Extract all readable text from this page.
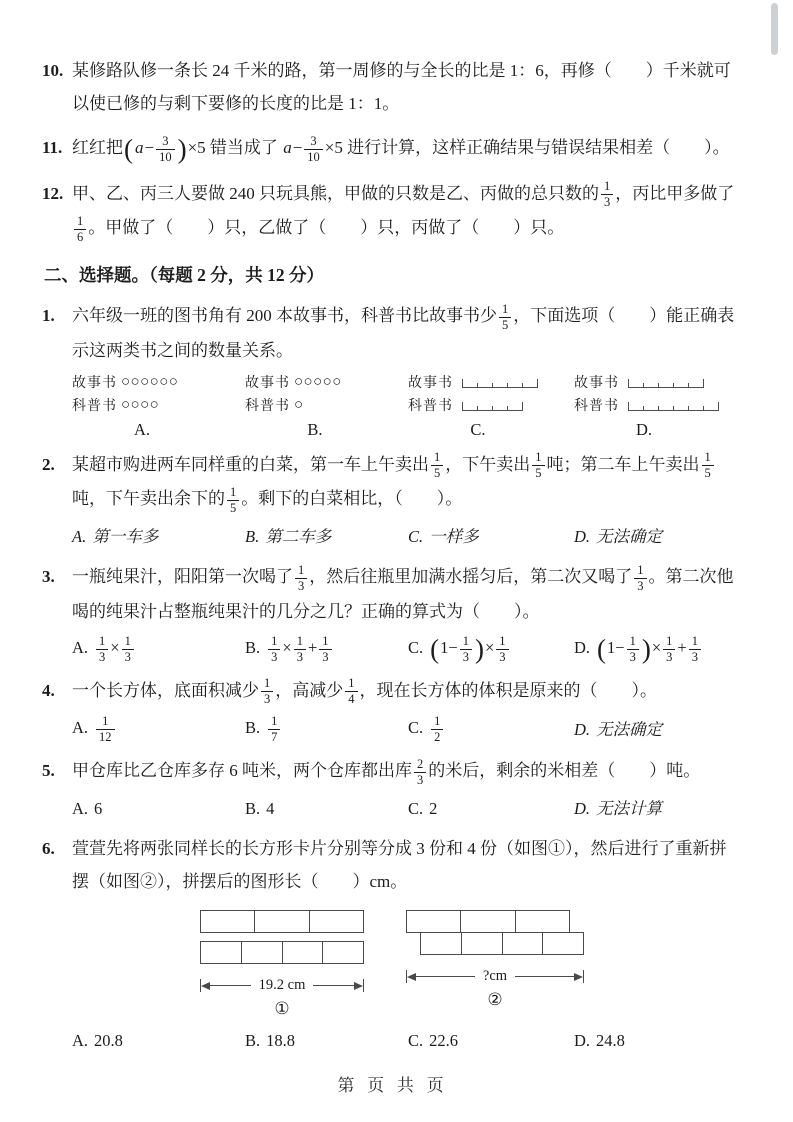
10. 某修路队修一条长 24 千米的路，第一周修的与全长的比是 1：6，再修（　　）千米就可以使已修的与剩下要修的长度的比是 1：1。
11. 红红把( $a- \frac{3}{10} )\times 5$ 错当成了 $a- \frac{3}{10} \times 5$ 进行计算，这样正确结果与错误结果相差（　　）。
12. 甲、乙、丙三人要做 240 只玩具熊，甲做的只数是乙、丙做的总只数的 $\frac{1}{3}$ ，丙比甲多做了
$\frac{1}{6}$ 。甲做了（　　）只，乙做了（　　）只，丙做了（　　）只。
二、选择题。（每题 2 分，共 12 分）
1.	六年级一班的图书角有 200 本故事书，科普书比故事书少 $\frac{1}{5}$ ，下面选项（　　）能正确表示这两类书之间的数量关系。
故事书 ○○○○○○
科普书 ○○○○
A.
故事书 ○○○○○
科普书 ○
B.
故事书
科普书
C.
故事书
科普书
D.
2.	某超市购进两车同样重的白菜，第一车上午卖出 $\frac{1}{5}$ ，下午卖出 $\frac{1}{5}$ 吨；第二车上午卖出 $\frac{1}{5}$
吨，下午卖出余下的 $\frac{1}{5}$ 。剩下的白菜相比，（　　）。
A. 第一车多	B. 第二车多	C. 一样多	D. 无法确定
3.	一瓶纯果汁，阳阳第一次喝了 $\frac{1}{3}$ ，然后往瓶里加满水摇匀后，第二次又喝了 $\frac{1}{3}$ 。第二次他喝的纯果汁占整瓶纯果汁的几分之几？正确的算式为（　　）。
A. $\frac{1}{3} \times \frac{1}{3}$	B. $\frac{1}{3} \times \frac{1}{3} + \frac{1}{3}$	C. ($1- \frac{1}{3}$ )× $\frac{1}{3}$	D. ($1- \frac{1}{3}$ )× $\frac{1}{3} + \frac{1}{3}$
4.	一个长方体，底面积减少 $\frac{1}{3}$ ，高减少 $\frac{1}{4}$ ，现在长方体的体积是原来的（　　）。
A. $\frac{1}{12}$	B. $\frac{1}{7}$	C. $\frac{1}{2}$	D. 无法确定
5.	甲仓库比乙仓库多存 6 吨米，两个仓库都出库 $\frac{2}{3}$ 的米后，剩余的米相差（　　）吨。
A. 6	B. 4	C. 2	D. 无法计算
6.	萱萱先将两张同样长的长方形卡片分别等分成 3 份和 4 份（如图①），然后进行了重新拼摆（如图②），拼摆后的图形长（　　）cm。
19.2 cm
①
?cm
②
A. 20.8	B. 18.8	C. 22.6	D. 24.8
第 页 共 页
